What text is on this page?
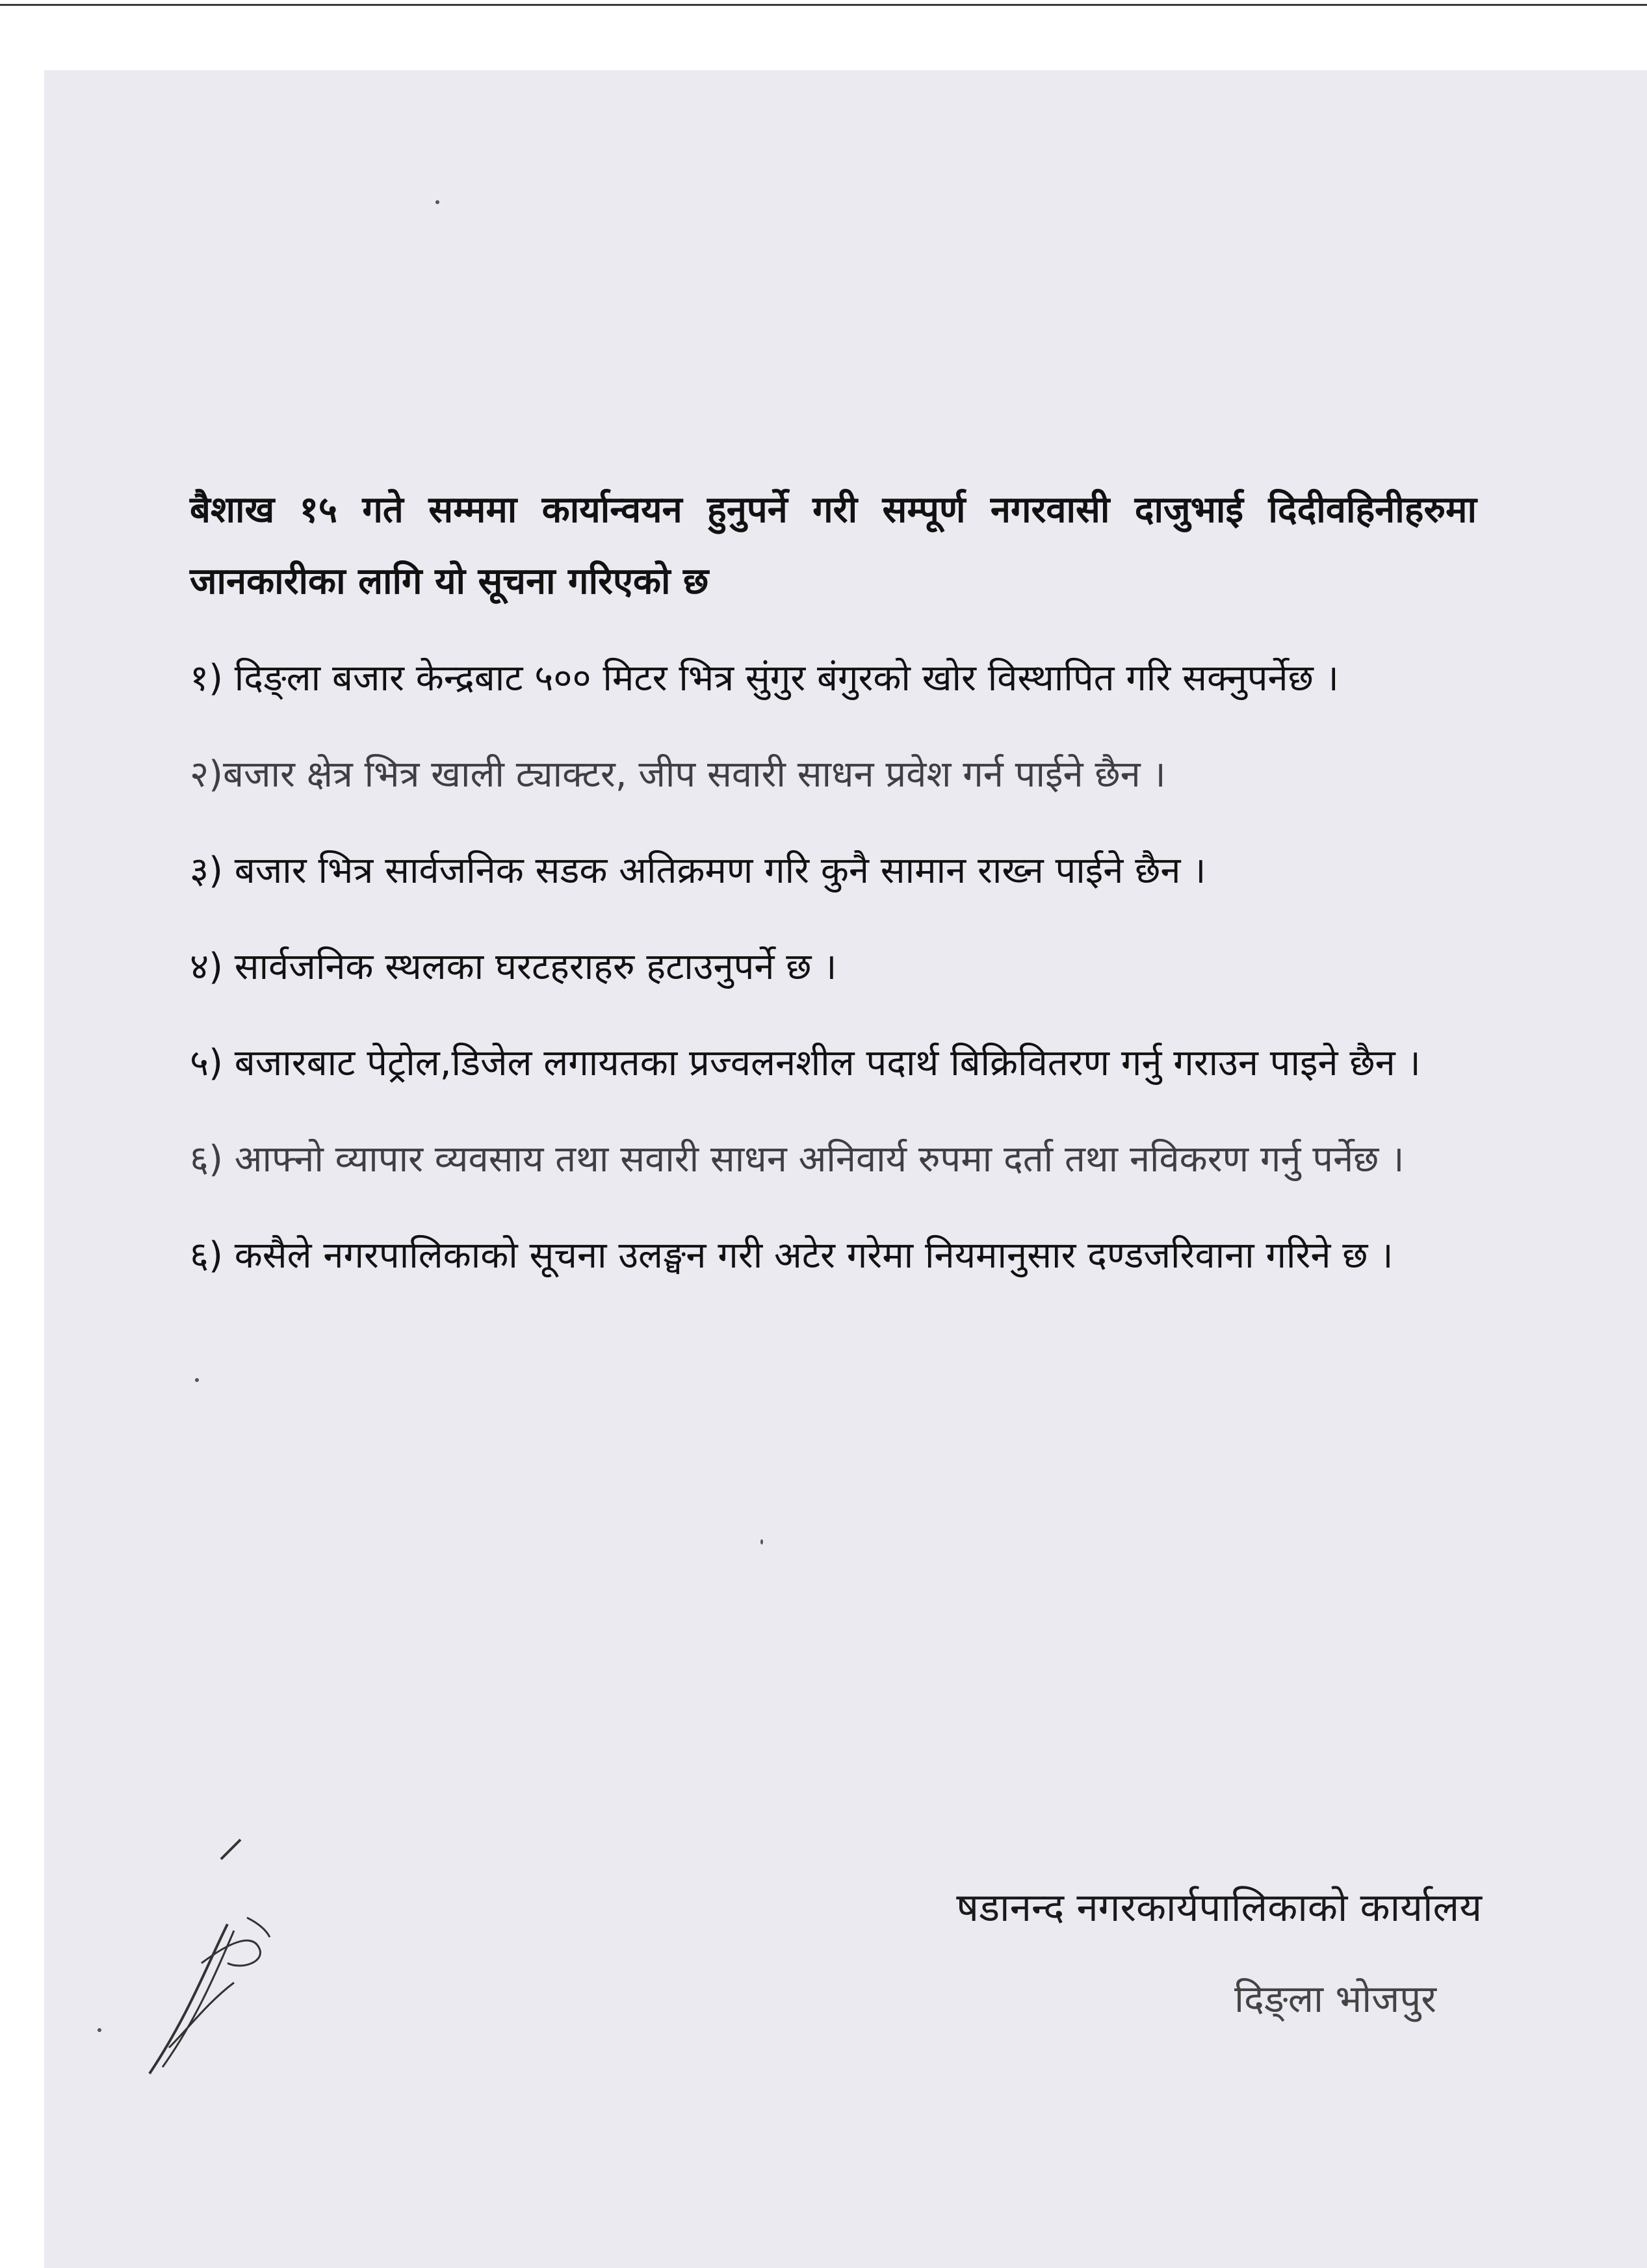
बैशाख १५ गते सम्ममा कार्यान्वयन हुनुपर्ने गरी सम्पूर्ण नगरवासी दाजुभाई दिदीवहिनीहरुमा जानकारीका लागि यो सूचना गरिएको छ

१) दिङ्ला बजार केन्द्रबाट ५०० मिटर भित्र सुंगुर बंगुरको खोर विस्थापित गरि सक्नुपर्नेछ ।
२)बजार क्षेत्र भित्र खाली ट्याक्टर, जीप सवारी साधन प्रवेश गर्न पाईने छैन ।
३) बजार भित्र सार्वजनिक सडक अतिक्रमण गरि कुनै सामान राख्न पाईने छैन ।
४) सार्वजनिक स्थलका घरटहराहरु हटाउनुपर्ने छ ।
५) बजारबाट पेट्रोल,डिजेल लगायतका प्रज्वलनशील पदार्थ बिक्रिवितरण गर्नु गराउन पाइने छैन ।
६) आफ्नो व्यापार व्यवसाय तथा सवारी साधन अनिवार्य रुपमा दर्ता तथा नविकरण गर्नु पर्नेछ ।
६) कसैले नगरपालिकाको सूचना उलङ्घन गरी अटेर गरेमा नियमानुसार दण्डजरिवाना गरिने छ ।

षडानन्द नगरकार्यपालिकाको कार्यालय

दिङ्ला भोजपुर
